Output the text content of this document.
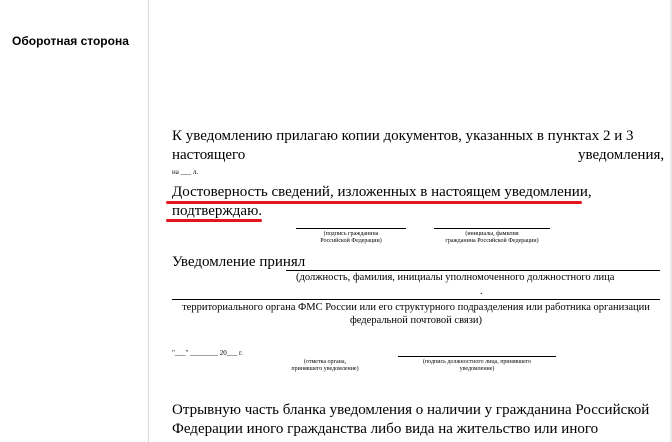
Оборотная сторона
К уведомлению прилагаю копии документов, указанных в пунктах 2 и 3
настоящего	уведомления,
на ___ л.
Достоверность сведений, изложенных в настоящем уведомлении,
подтверждаю.
(подпись гражданина
Российской Федерации)
(инициалы, фамилия
гражданина Российской Федерации)
Уведомление принял
(должность, фамилия, инициалы уполномоченного должностного лица
.
территориального органа ФМС России или его структурного подразделения или работника организации
федеральной почтовой связи)
"___" ________ 20___ г.
(отметка органа,
принявшего уведомление)
(подпись должностного лица, принявшего
уведомление)
Отрывную часть бланка уведомления о наличии у гражданина Российской
Федерации иного гражданства либо вида на жительство или иного
